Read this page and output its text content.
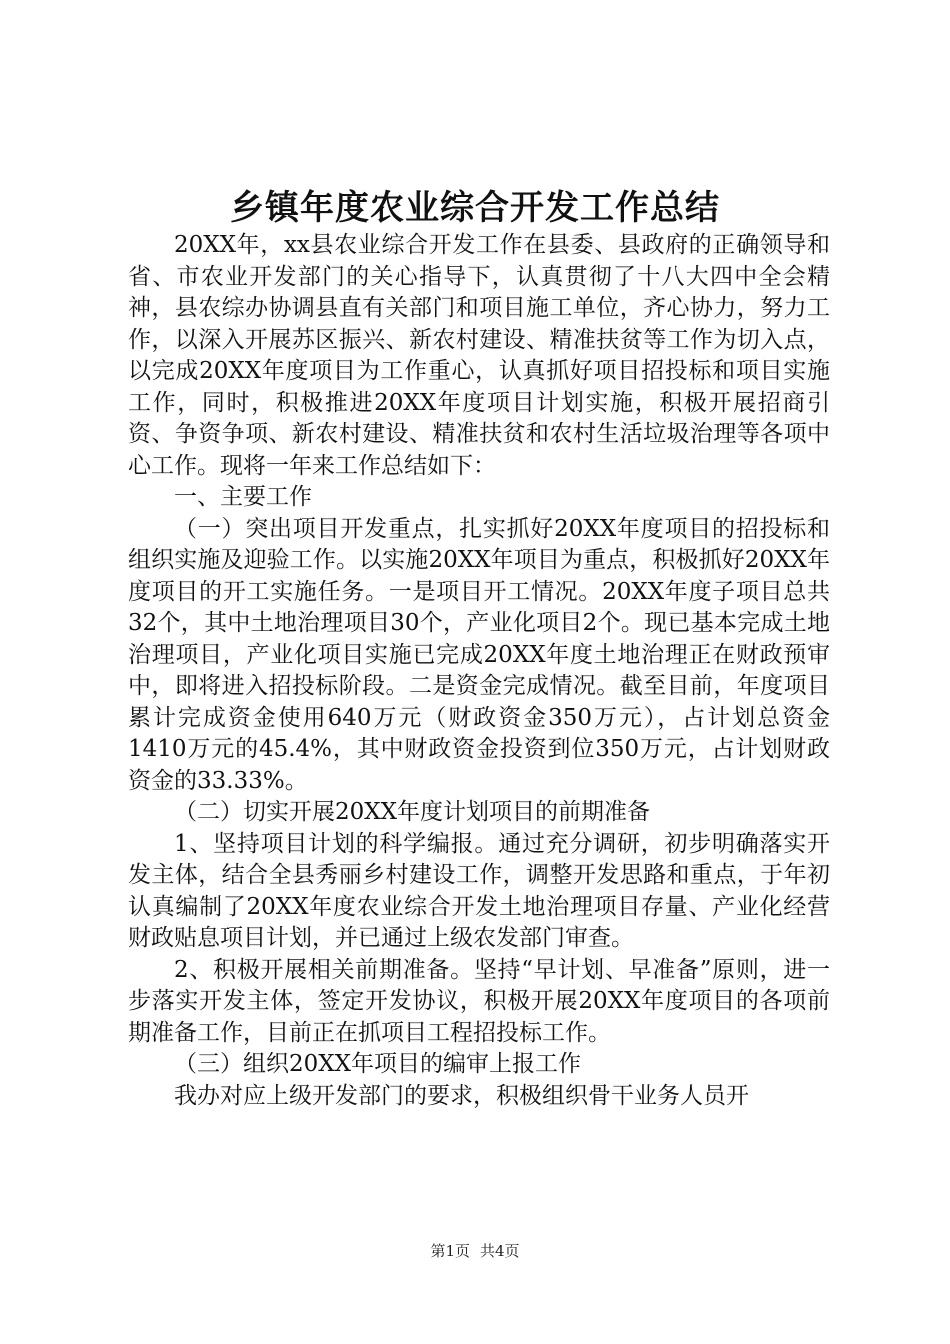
乡镇年度农业综合开发工作总结

20XX年，xx县农业综合开发工作在县委、县政府的正确领导和省、市农业开发部门的关心指导下，认真贯彻了十八大四中全会精神，县农综办协调县直有关部门和项目施工单位，齐心协力，努力工作，以深入开展苏区振兴、新农村建设、精准扶贫等工作为切入点，以完成20XX年度项目为工作重心，认真抓好项目招投标和项目实施工作，同时，积极推进20XX年度项目计划实施，积极开展招商引资、争资争项、新农村建设、精准扶贫和农村生活垃圾治理等各项中心工作。现将一年来工作总结如下：

一、主要工作

（一）突出项目开发重点，扎实抓好20XX年度项目的招投标和组织实施及迎验工作。以实施20XX年项目为重点，积极抓好20XX年度项目的开工实施任务。一是项目开工情况。20XX年度子项目总共32个，其中土地治理项目30个，产业化项目2个。现已基本完成土地治理项目，产业化项目实施已完成20XX年度土地治理正在财政预审中，即将进入招投标阶段。二是资金完成情况。截至目前，年度项目累计完成资金使用640万元（财政资金350万元），占计划总资金1410万元的45.4%，其中财政资金投资到位350万元，占计划财政资金的33.33%。

（二）切实开展20XX年度计划项目的前期准备

1、坚持项目计划的科学编报。通过充分调研，初步明确落实开发主体，结合全县秀丽乡村建设工作，调整开发思路和重点，于年初认真编制了20XX年度农业综合开发土地治理项目存量、产业化经营财政贴息项目计划，并已通过上级农发部门审查。

2、积极开展相关前期准备。坚持“早计划、早准备”原则，进一步落实开发主体，签定开发协议，积极开展20XX年度项目的各项前期准备工作，目前正在抓项目工程招投标工作。

（三）组织20XX年项目的编审上报工作

我办对应上级开发部门的要求，积极组织骨干业务人员开

第1页 共4页
